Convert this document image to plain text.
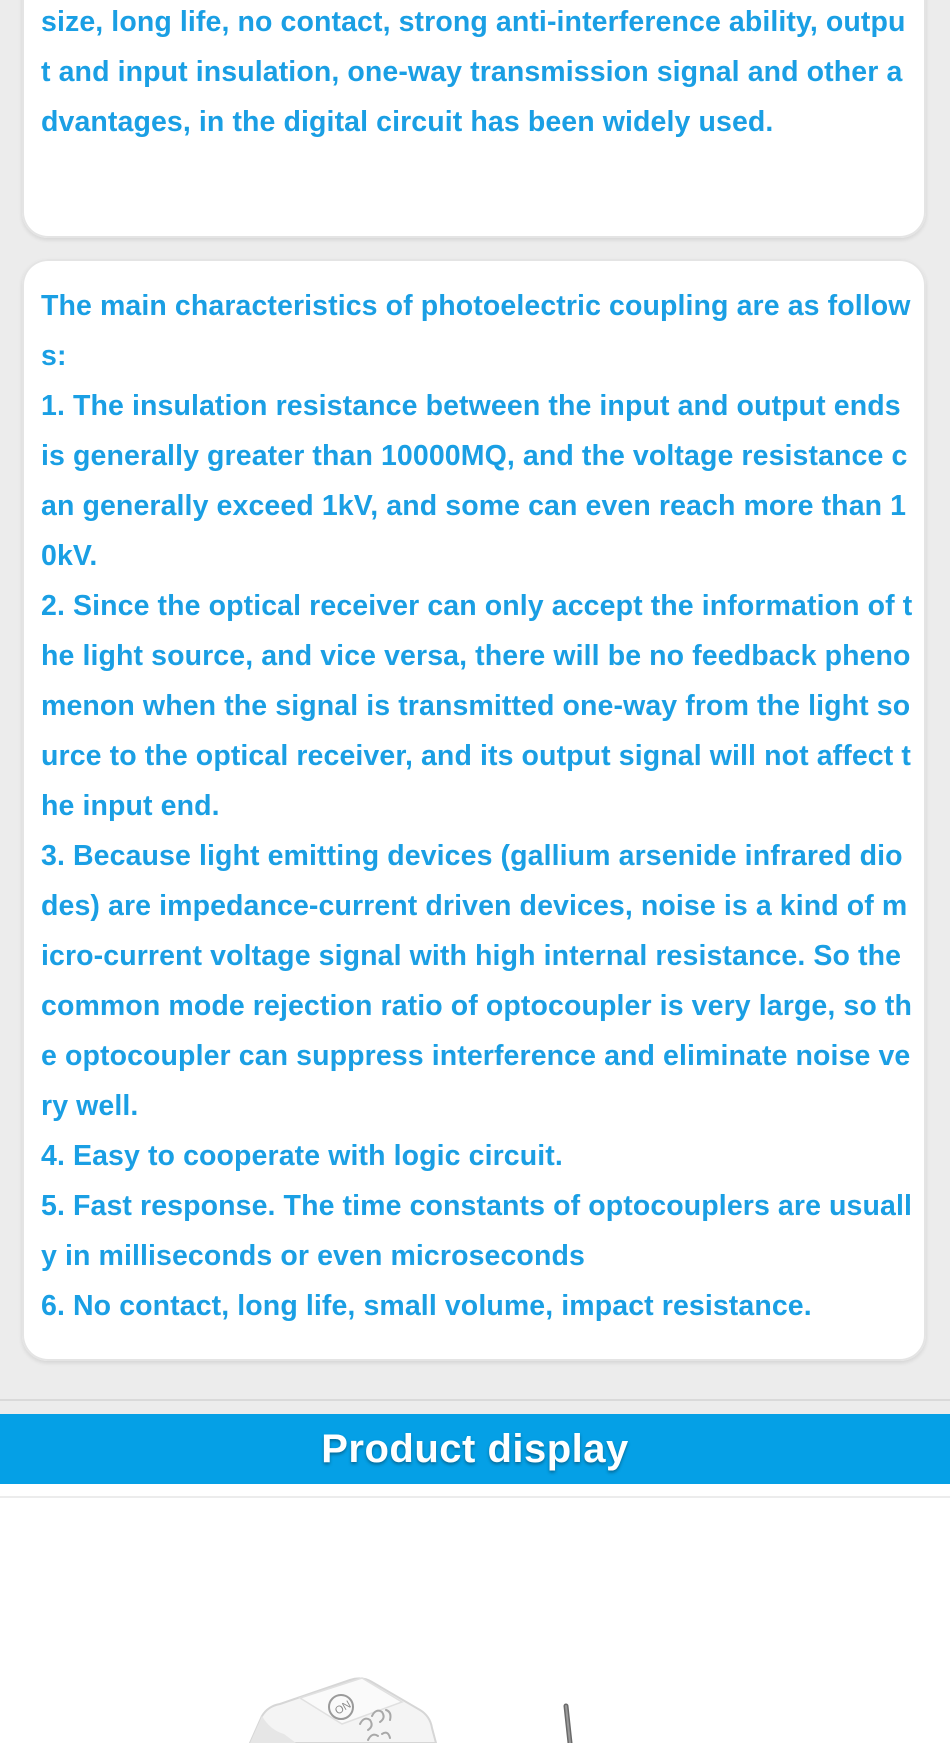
size, long life, no contact, strong anti-interference ability, output and input insulation, one-way transmission signal and other advantages, in the digital circuit has been widely used.

The main characteristics of photoelectric coupling are as follows:

1. The insulation resistance between the input and output ends is generally greater than 10000MQ, and the voltage resistance can generally exceed 1kV, and some can even reach more than 10kV.

2. Since the optical receiver can only accept the information of the light source, and vice versa, there will be no feedback phenomenon when the signal is transmitted one-way from the light source to the optical receiver, and its output signal will not affect the input end.

3. Because light emitting devices (gallium arsenide infrared diodes) are impedance-current driven devices, noise is a kind of micro-current voltage signal with high internal resistance. So the common mode rejection ratio of optocoupler is very large, so the optocoupler can suppress interference and eliminate noise very well.

4. Easy to cooperate with logic circuit.

5. Fast response. The time constants of optocouplers are usually in milliseconds or even microseconds

6. No contact, long life, small volume, impact resistance.

Product display
ON
